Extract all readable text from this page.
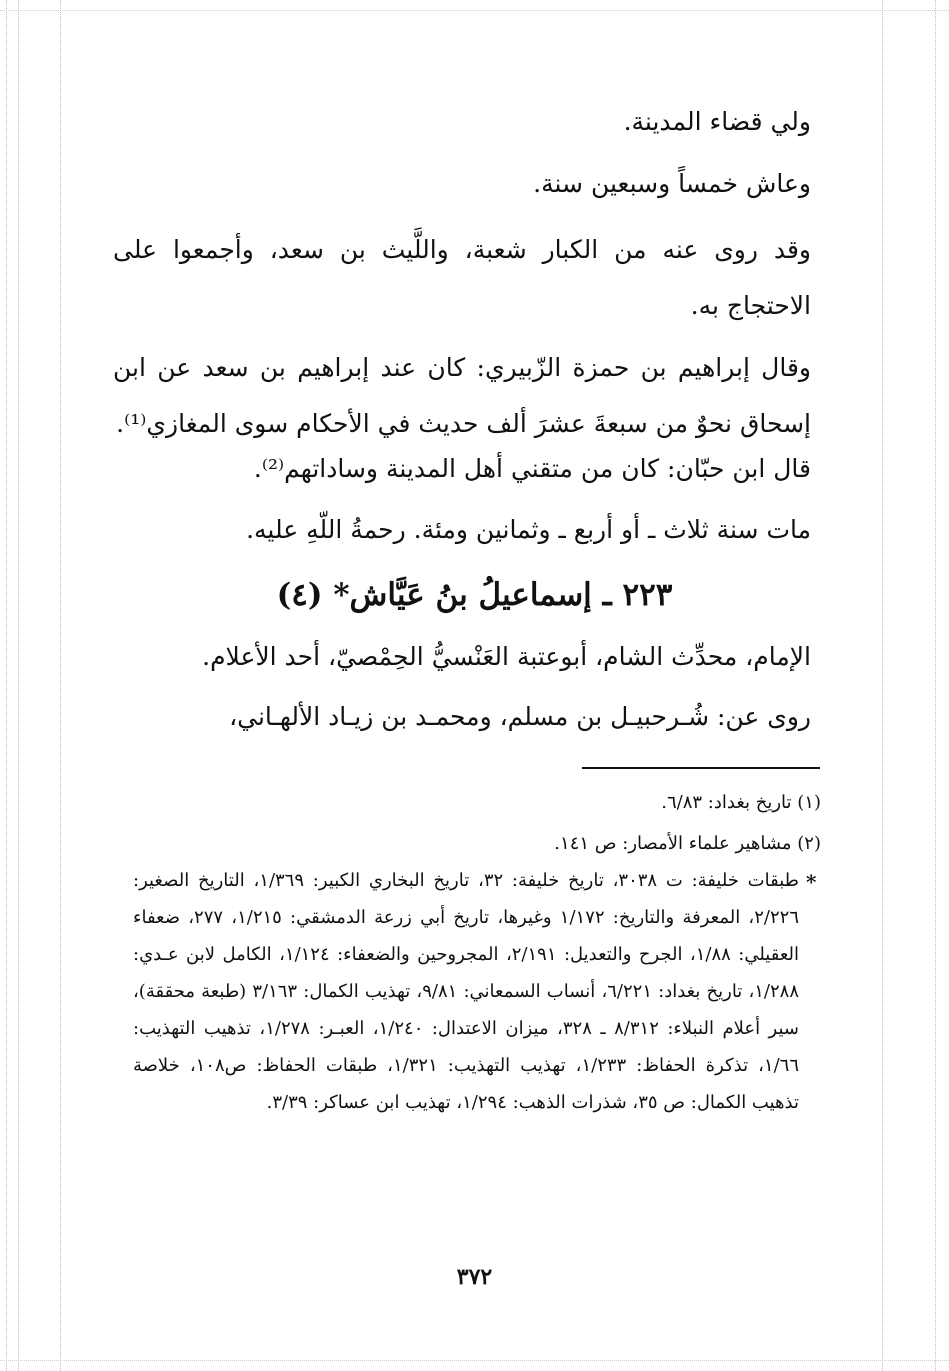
ولي قضاء المدينة.
وعاش خمساً وسبعين سنة.
وقد روى عنه من الكبار شعبة، واللَّيث بن سعد، وأجمعوا على الاحتجاج به.
وقال إبراهيم بن حمزة الزّبيري: كان عند إبراهيم بن سعد عن ابن إسحاق نحوٌ من سبعةَ عشرَ ألف حديث في الأحكام سوى المغازي⁽¹⁾.
قال ابن حبّان: كان من متقني أهل المدينة وساداتهم⁽²⁾.
مات سنة ثلاث ـ أو أربع ـ وثمانين ومئة. رحمةُ اللّهِ عليه.
٢٢٣ ـ إسماعيلُ بنُ عَيَّاش* (٤)
الإمام، محدِّث الشام، أبوعتبة العَنْسيُّ الحِمْصيّ، أحد الأعلام.
روى عن: شُـرحبيـل بن مسلم، ومحمـد بن زيـاد الألهـاني،
(١) تاريخ بغداد: ٦/٨٣.
(٢) مشاهير علماء الأمصار: ص ١٤١.
*
طبقات خليفة: ت ٣٠٣٨، تاريخ خليفة: ٣٢، تاريخ البخاري الكبير: ١/٣٦٩، التاريخ الصغير: ٢/٢٢٦، المعرفة والتاريخ: ١/١٧٢ وغيرها، تاريخ أبي زرعة الدمشقي: ١/٢١٥، ٢٧٧، ضعفاء العقيلي: ١/٨٨، الجرح والتعديل: ٢/١٩١، المجروحين والضعفاء: ١/١٢٤، الكامل لابن عـدي: ١/٢٨٨، تاريخ بغداد: ٦/٢٢١، أنساب السمعاني: ٩/٨١، تهذيب الكمال: ٣/١٦٣ (طبعة محققة)، سير أعلام النبلاء: ٨/٣١٢ ـ ٣٢٨، ميزان الاعتدال: ١/٢٤٠، العبـر: ١/٢٧٨، تذهيب التهذيب: ١/٦٦، تذكرة الحفاظ: ١/٢٣٣، تهذيب التهذيب: ١/٣٢١، طبقات الحفاظ: ص١٠٨، خلاصة تذهيب الكمال: ص ٣٥، شذرات الذهب: ١/٢٩٤، تهذيب ابن عساكر: ٣/٣٩.
٣٧٢
